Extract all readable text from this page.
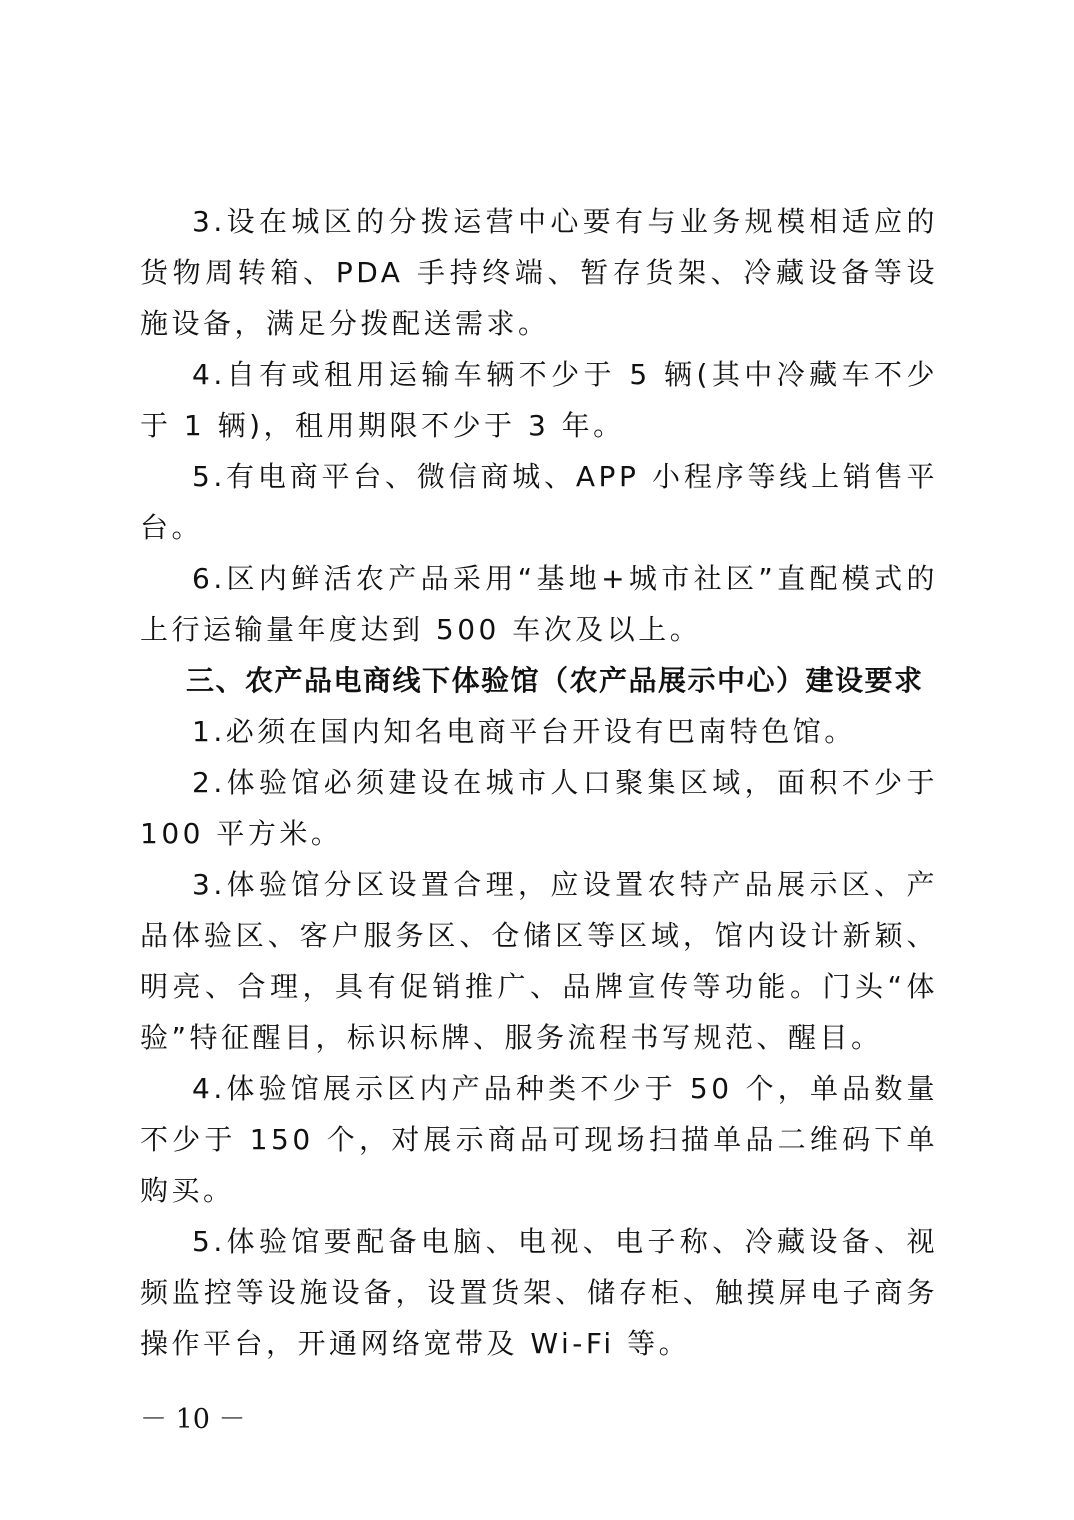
3.设在城区的分拨运营中心要有与业务规模相适应的货物周转箱、PDA 手持终端、暂存货架、冷藏设备等设施设备，满足分拨配送需求。

4.自有或租用运输车辆不少于 5 辆(其中冷藏车不少于 1 辆)，租用期限不少于 3 年。

5.有电商平台、微信商城、APP 小程序等线上销售平台。

6.区内鲜活农产品采用“基地+城市社区”直配模式的上行运输量年度达到 500 车次及以上。

三、农产品电商线下体验馆（农产品展示中心）建设要求

1.必须在国内知名电商平台开设有巴南特色馆。

2.体验馆必须建设在城市人口聚集区域，面积不少于 100 平方米。

3.体验馆分区设置合理，应设置农特产品展示区、产品体验区、客户服务区、仓储区等区域，馆内设计新颖、明亮、合理，具有促销推广、品牌宣传等功能。门头“体验”特征醒目，标识标牌、服务流程书写规范、醒目。

4.体验馆展示区内产品种类不少于 50 个，单品数量不少于 150 个，对展示商品可现场扫描单品二维码下单购买。

5.体验馆要配备电脑、电视、电子称、冷藏设备、视频监控等设施设备，设置货架、储存柜、触摸屏电子商务操作平台，开通网络宽带及 Wi-Fi 等。

－ 10 －
